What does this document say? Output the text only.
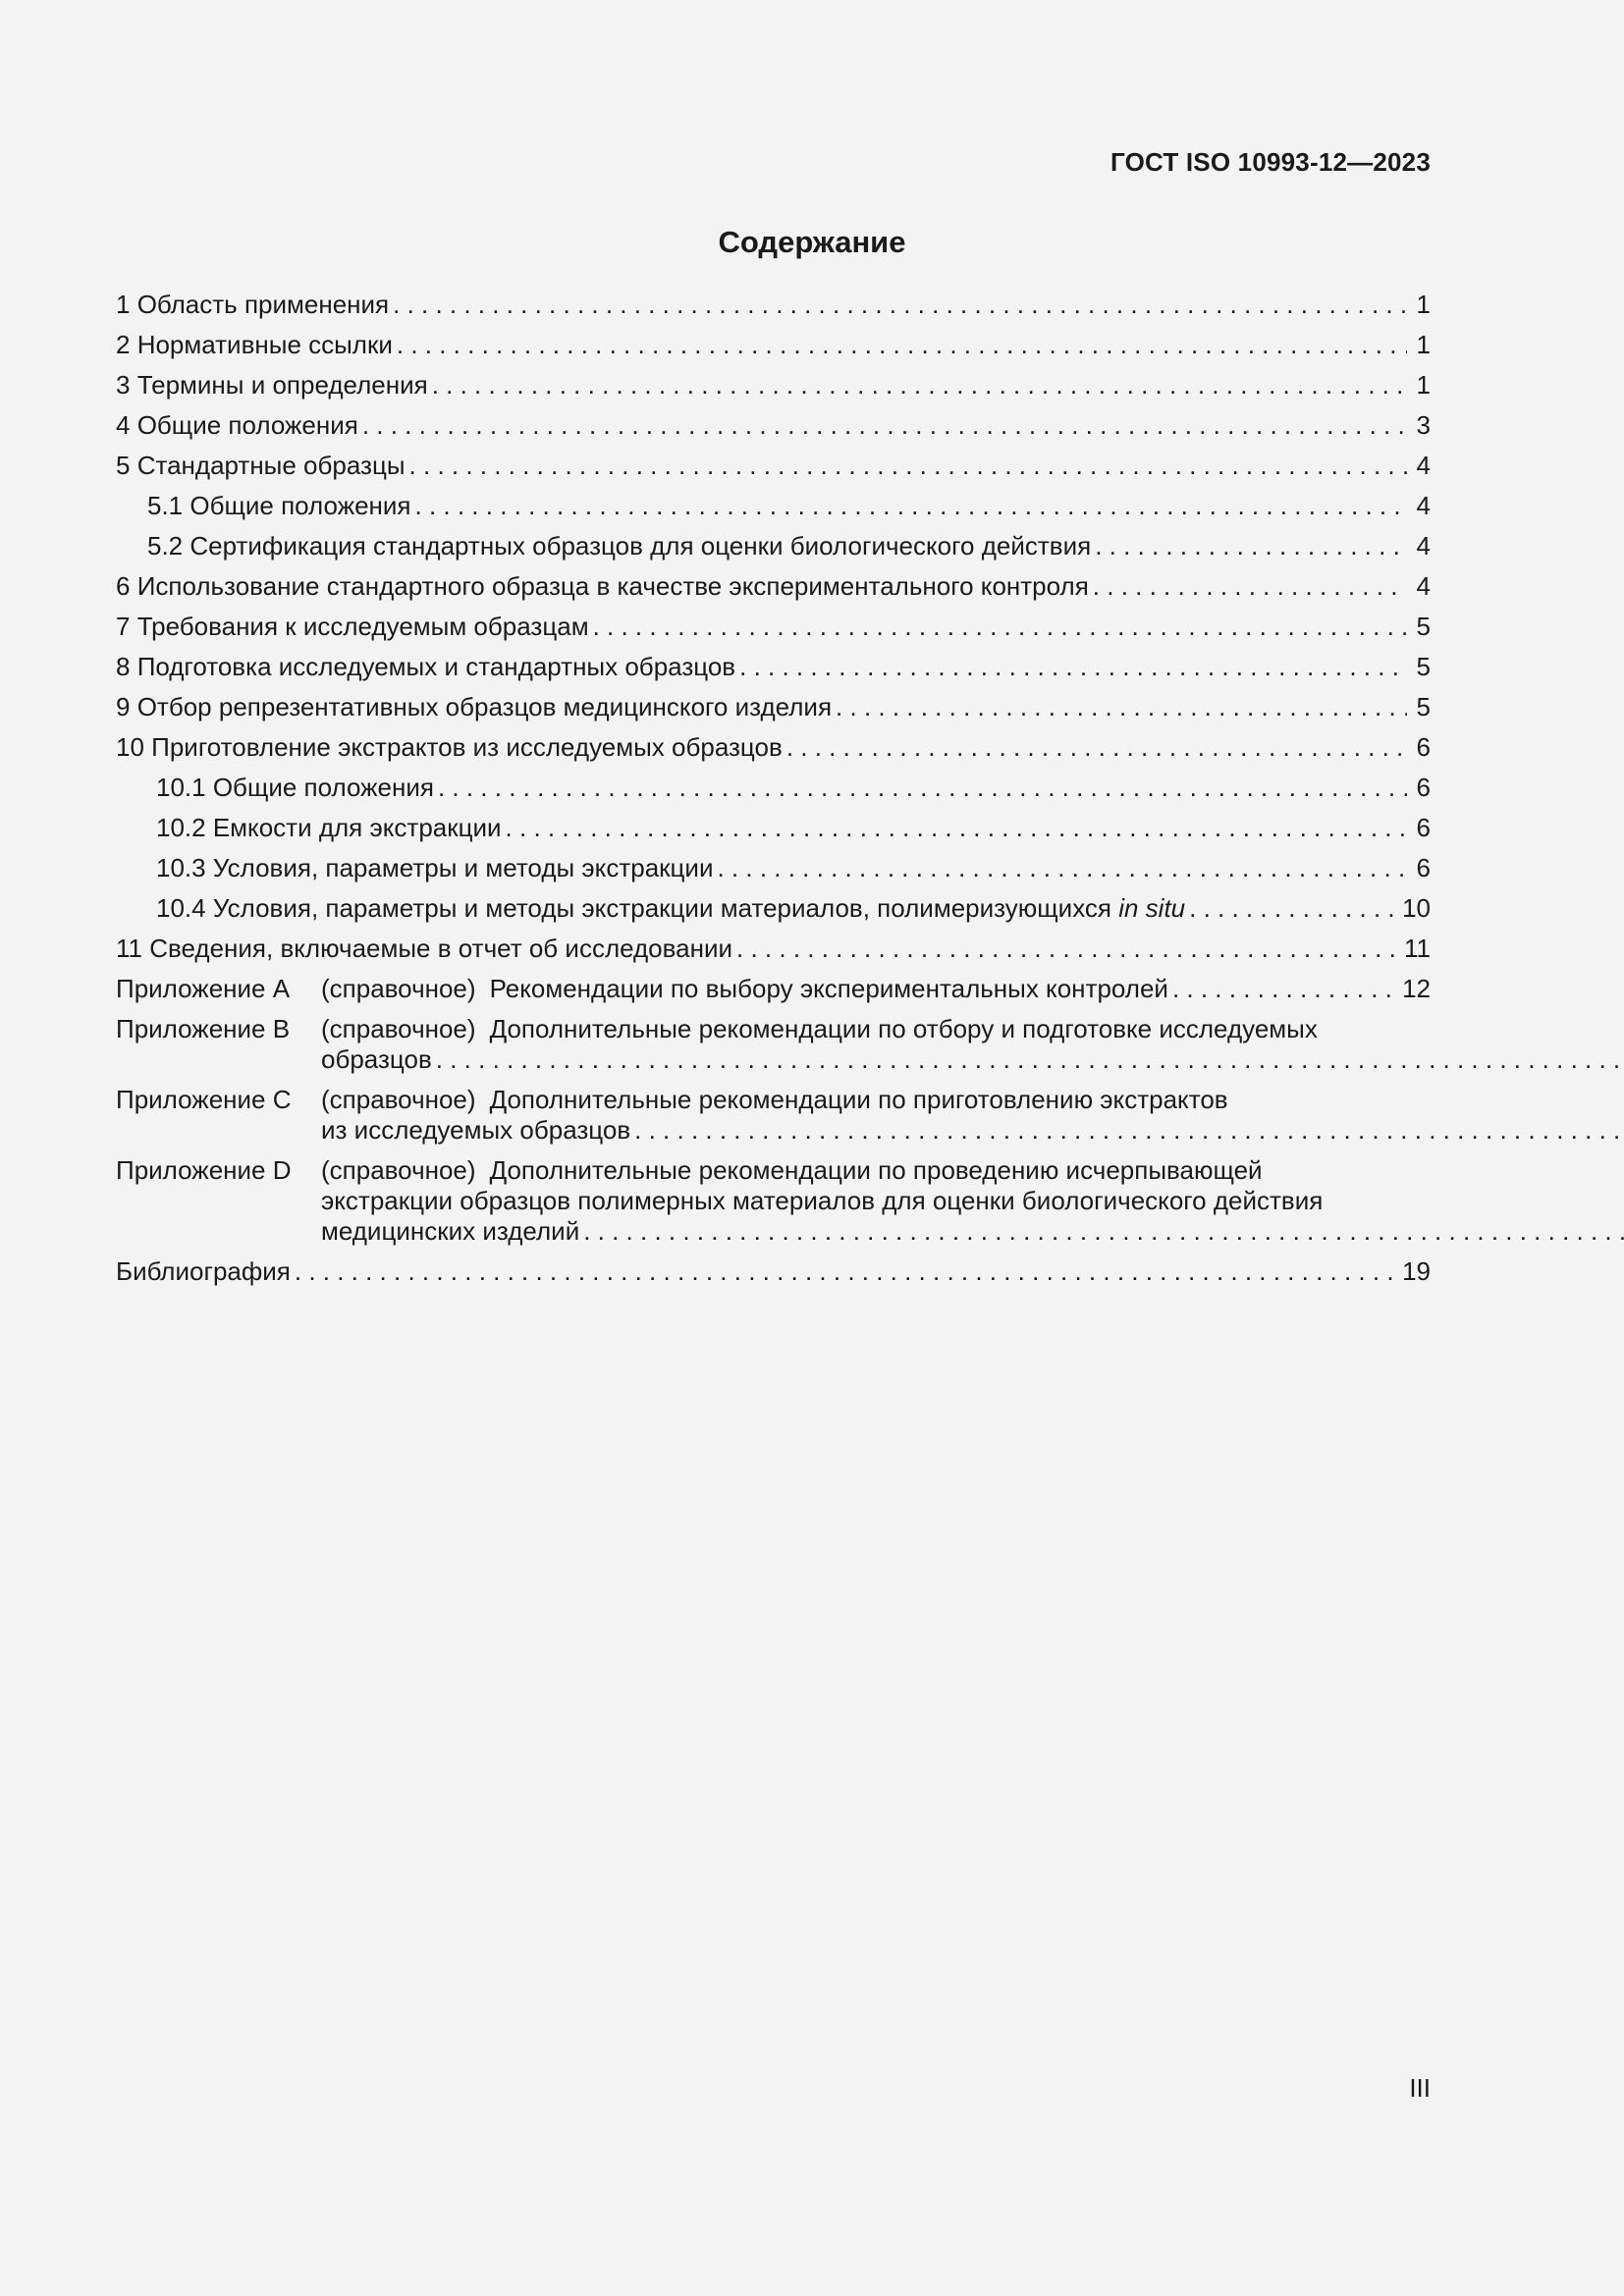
ГОСТ ISO 10993-12—2023
Содержание
1 Область применения . . .	1
2 Нормативные ссылки . . .	1
3 Термины и определения . . .	1
4 Общие положения . . .	3
5 Стандартные образцы . . .	4
5.1 Общие положения . . .	4
5.2 Сертификация стандартных образцов для оценки биологического действия . . .	4
6 Использование стандартного образца в качестве экспериментального контроля . . .	4
7 Требования к исследуемым образцам . . .	5
8 Подготовка исследуемых и стандартных образцов . . .	5
9 Отбор репрезентативных образцов медицинского изделия . . .	5
10 Приготовление экстрактов из исследуемых образцов . . .	6
10.1 Общие положения . . .	6
10.2 Емкости для экстракции . . .	6
10.3 Условия, параметры и методы экстракции . . .	6
10.4 Условия, параметры и методы экстракции материалов, полимеризующихся in situ . . .	10
11 Сведения, включаемые в отчет об исследовании . . .	11
Приложение A	(справочное) Рекомендации по выбору экспериментальных контролей . . .	12
Приложение B	(справочное) Дополнительные рекомендации по отбору и подготовке исследуемых
образцов
. . .
Приложение C	(справочное) Дополнительные рекомендации по приготовлению экстрактов
из исследуемых образцов
. . .
Приложение D	(справочное) Дополнительные рекомендации по проведению исчерпывающей
экстракции образцов полимерных материалов для оценки биологического действия
медицинских изделий
. . .
Библиография . . .	19
III
